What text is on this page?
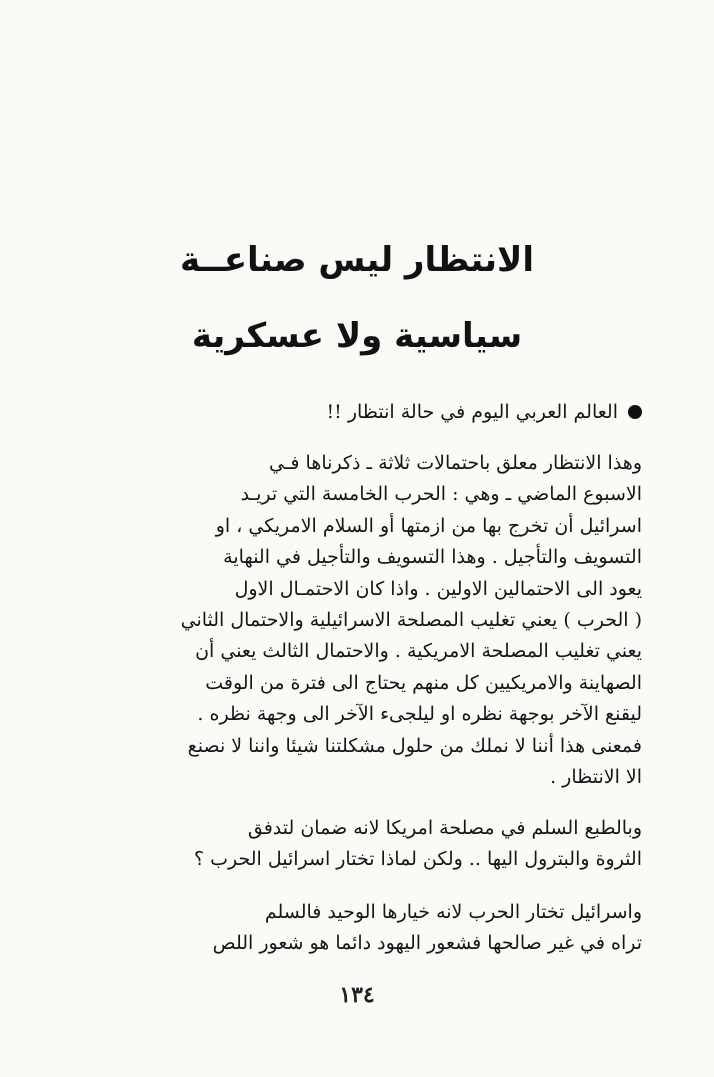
الانتظار ليس صناعــة
سياسية ولا عسكرية
العالم العربي اليوم في حالة انتظار !!
وهذا الانتظار معلق باحتمالات ثلاثة ـ ذكرناها فـي
الاسبوع الماضي ـ وهي : الحرب الخامسة التي تريـد
اسرائيل أن تخرج بها من ازمتها أو السلام الامريكي ، او
التسويف والتأجيل . وهذا التسويف والتأجيل في النهاية
يعود الى الاحتمالين الاولين . واذا كان الاحتمـال الاول
( الحرب ) يعني تغليب المصلحة الاسرائيلية والاحتمال الثاني
يعني تغليب المصلحة الامريكية . والاحتمال الثالث يعني أن
الصهاينة والامريكيين كل منهم يحتاج الى فترة من الوقت
ليقنع الآخر بوجهة نظره او ليلجىء الآخر الى وجهة نظره .
فمعنى هذا أننا لا نملك من حلول مشكلتنا شيئا واننا لا نصنع
الا الانتظار .
وبالطبع السلم في مصلحة امريكا لانه ضمان لتدفق
الثروة والبترول اليها .. ولكن لماذا تختار اسرائيل الحرب ؟
واسرائيل تختار الحرب لانه خيارها الوحيد فالسلم
تراه في غير صالحها فشعور اليهود دائما هو شعور اللص
١٣٤
